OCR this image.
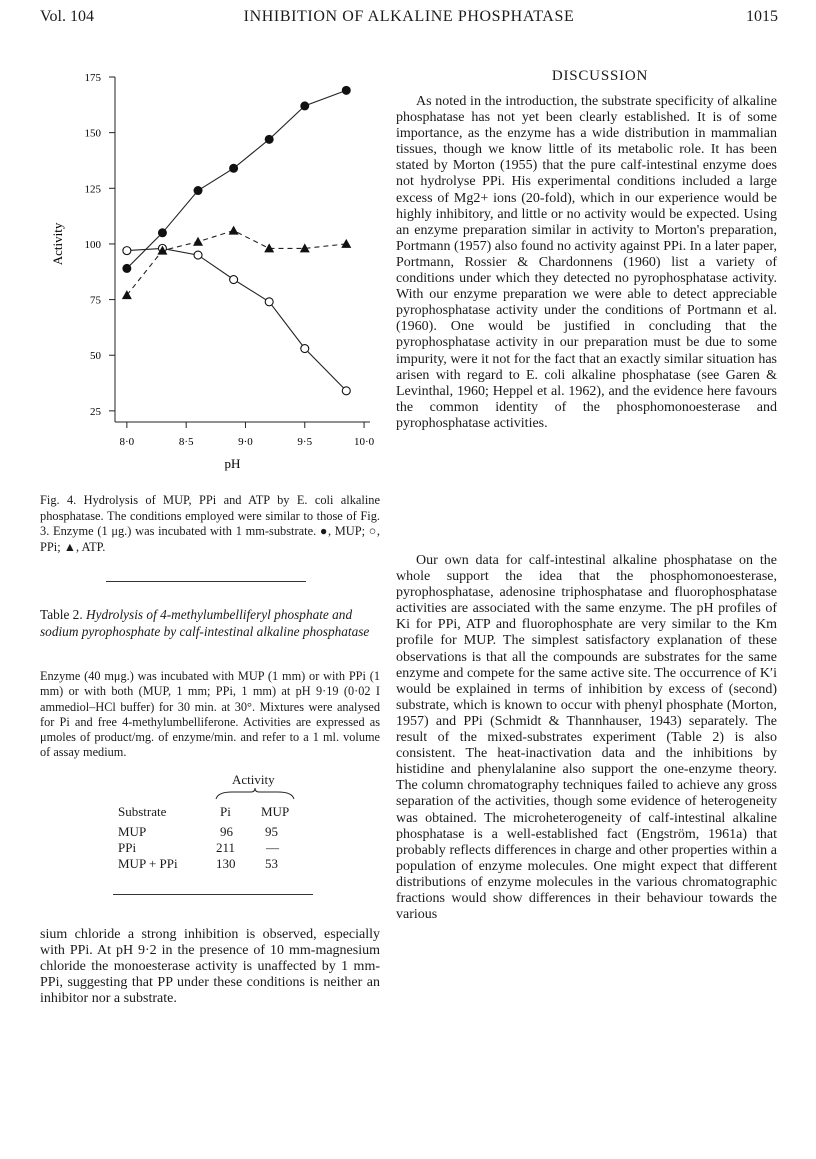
Vol. 104	INHIBITION OF ALKALINE PHOSPHATASE	1015
25
50
75
100
125
150
175
8·0	8·5	9·0	9·5	10·0
pH
Activity
Fig. 4. Hydrolysis of MUP, PPi and ATP by E. coli alkaline phosphatase. The conditions employed were similar to those of Fig. 3. Enzyme (1 μg.) was incubated with 1 mm-substrate. ●, MUP; ○, PPi; ▲, ATP.
Table 2. Hydrolysis of 4-methylumbelliferyl phosphate and sodium pyrophosphate by calf-intestinal alkaline phosphatase
Enzyme (40 mμg.) was incubated with MUP (1 mm) or with PPi (1 mm) or with both (MUP, 1 mm; PPi, 1 mm) at pH 9·19 (0·02 I ammediol–HCl buffer) for 30 min. at 30°. Mixtures were analysed for Pi and free 4-methylumbelliferone. Activities are expressed as μmoles of product/mg. of enzyme/min. and refer to a 1 ml. volume of assay medium.
Activity
Substrate	Pi MUP
MUP	96 95
PPi	211 —
MUP + PPi	130 53

sium chloride a strong inhibition is observed, especially with PPi. At pH 9·2 in the presence of 10 mm-magnesium chloride the monoesterase activity is unaffected by 1 mm-PPi, suggesting that PP under these conditions is neither an inhibitor nor a substrate.

DISCUSSION

As noted in the introduction, the substrate specificity of alkaline phosphatase has not yet been clearly established. It is of some importance, as the enzyme has a wide distribution in mammalian tissues, though we know little of its metabolic role. It has been stated by Morton (1955) that the pure calf-intestinal enzyme does not hydrolyse PPi. His experimental conditions included a large excess of Mg2+ ions (20-fold), which in our experience would be highly inhibitory, and little or no activity would be expected. Using an enzyme preparation similar in activity to Morton's preparation, Portmann (1957) also found no activity against PPi. In a later paper, Portmann, Rossier & Chardonnens (1960) list a variety of conditions under which they detected no pyrophosphatase activity. With our enzyme preparation we were able to detect appreciable pyrophosphatase activity under the conditions of Portmann et al. (1960). One would be justified in concluding that the pyrophosphatase activity in our preparation must be due to some impurity, were it not for the fact that an exactly similar situation has arisen with regard to E. coli alkaline phosphatase (see Garen & Levinthal, 1960; Heppel et al. 1962), and the evidence here favours the common identity of the phosphomonoesterase and pyrophosphatase activities.

Our own data for calf-intestinal alkaline phosphatase on the whole support the idea that the phosphomonoesterase, pyrophosphatase, adenosine triphosphatase and fluorophosphatase activities are associated with the same enzyme. The pH profiles of Ki for PPi, ATP and fluorophosphate are very similar to the Km profile for MUP. The simplest satisfactory explanation of these observations is that all the compounds are substrates for the same enzyme and compete for the same active site. The occurrence of K′i would be explained in terms of inhibition by excess of (second) substrate, which is known to occur with phenyl phosphate (Morton, 1957) and PPi (Schmidt & Thannhauser, 1943) separately. The result of the mixed-substrates experiment (Table 2) is also consistent. The heat-inactivation data and the inhibitions by histidine and phenylalanine also support the one-enzyme theory. The column chromatography techniques failed to achieve any gross separation of the activities, though some evidence of heterogeneity was obtained. The microheterogeneity of calf-intestinal alkaline phosphatase is a well-established fact (Engström, 1961a) that probably reflects differences in charge and other properties within a population of enzyme molecules. One might expect that different distributions of enzyme molecules in the various chromatographic fractions would show differences in their behaviour towards the various
